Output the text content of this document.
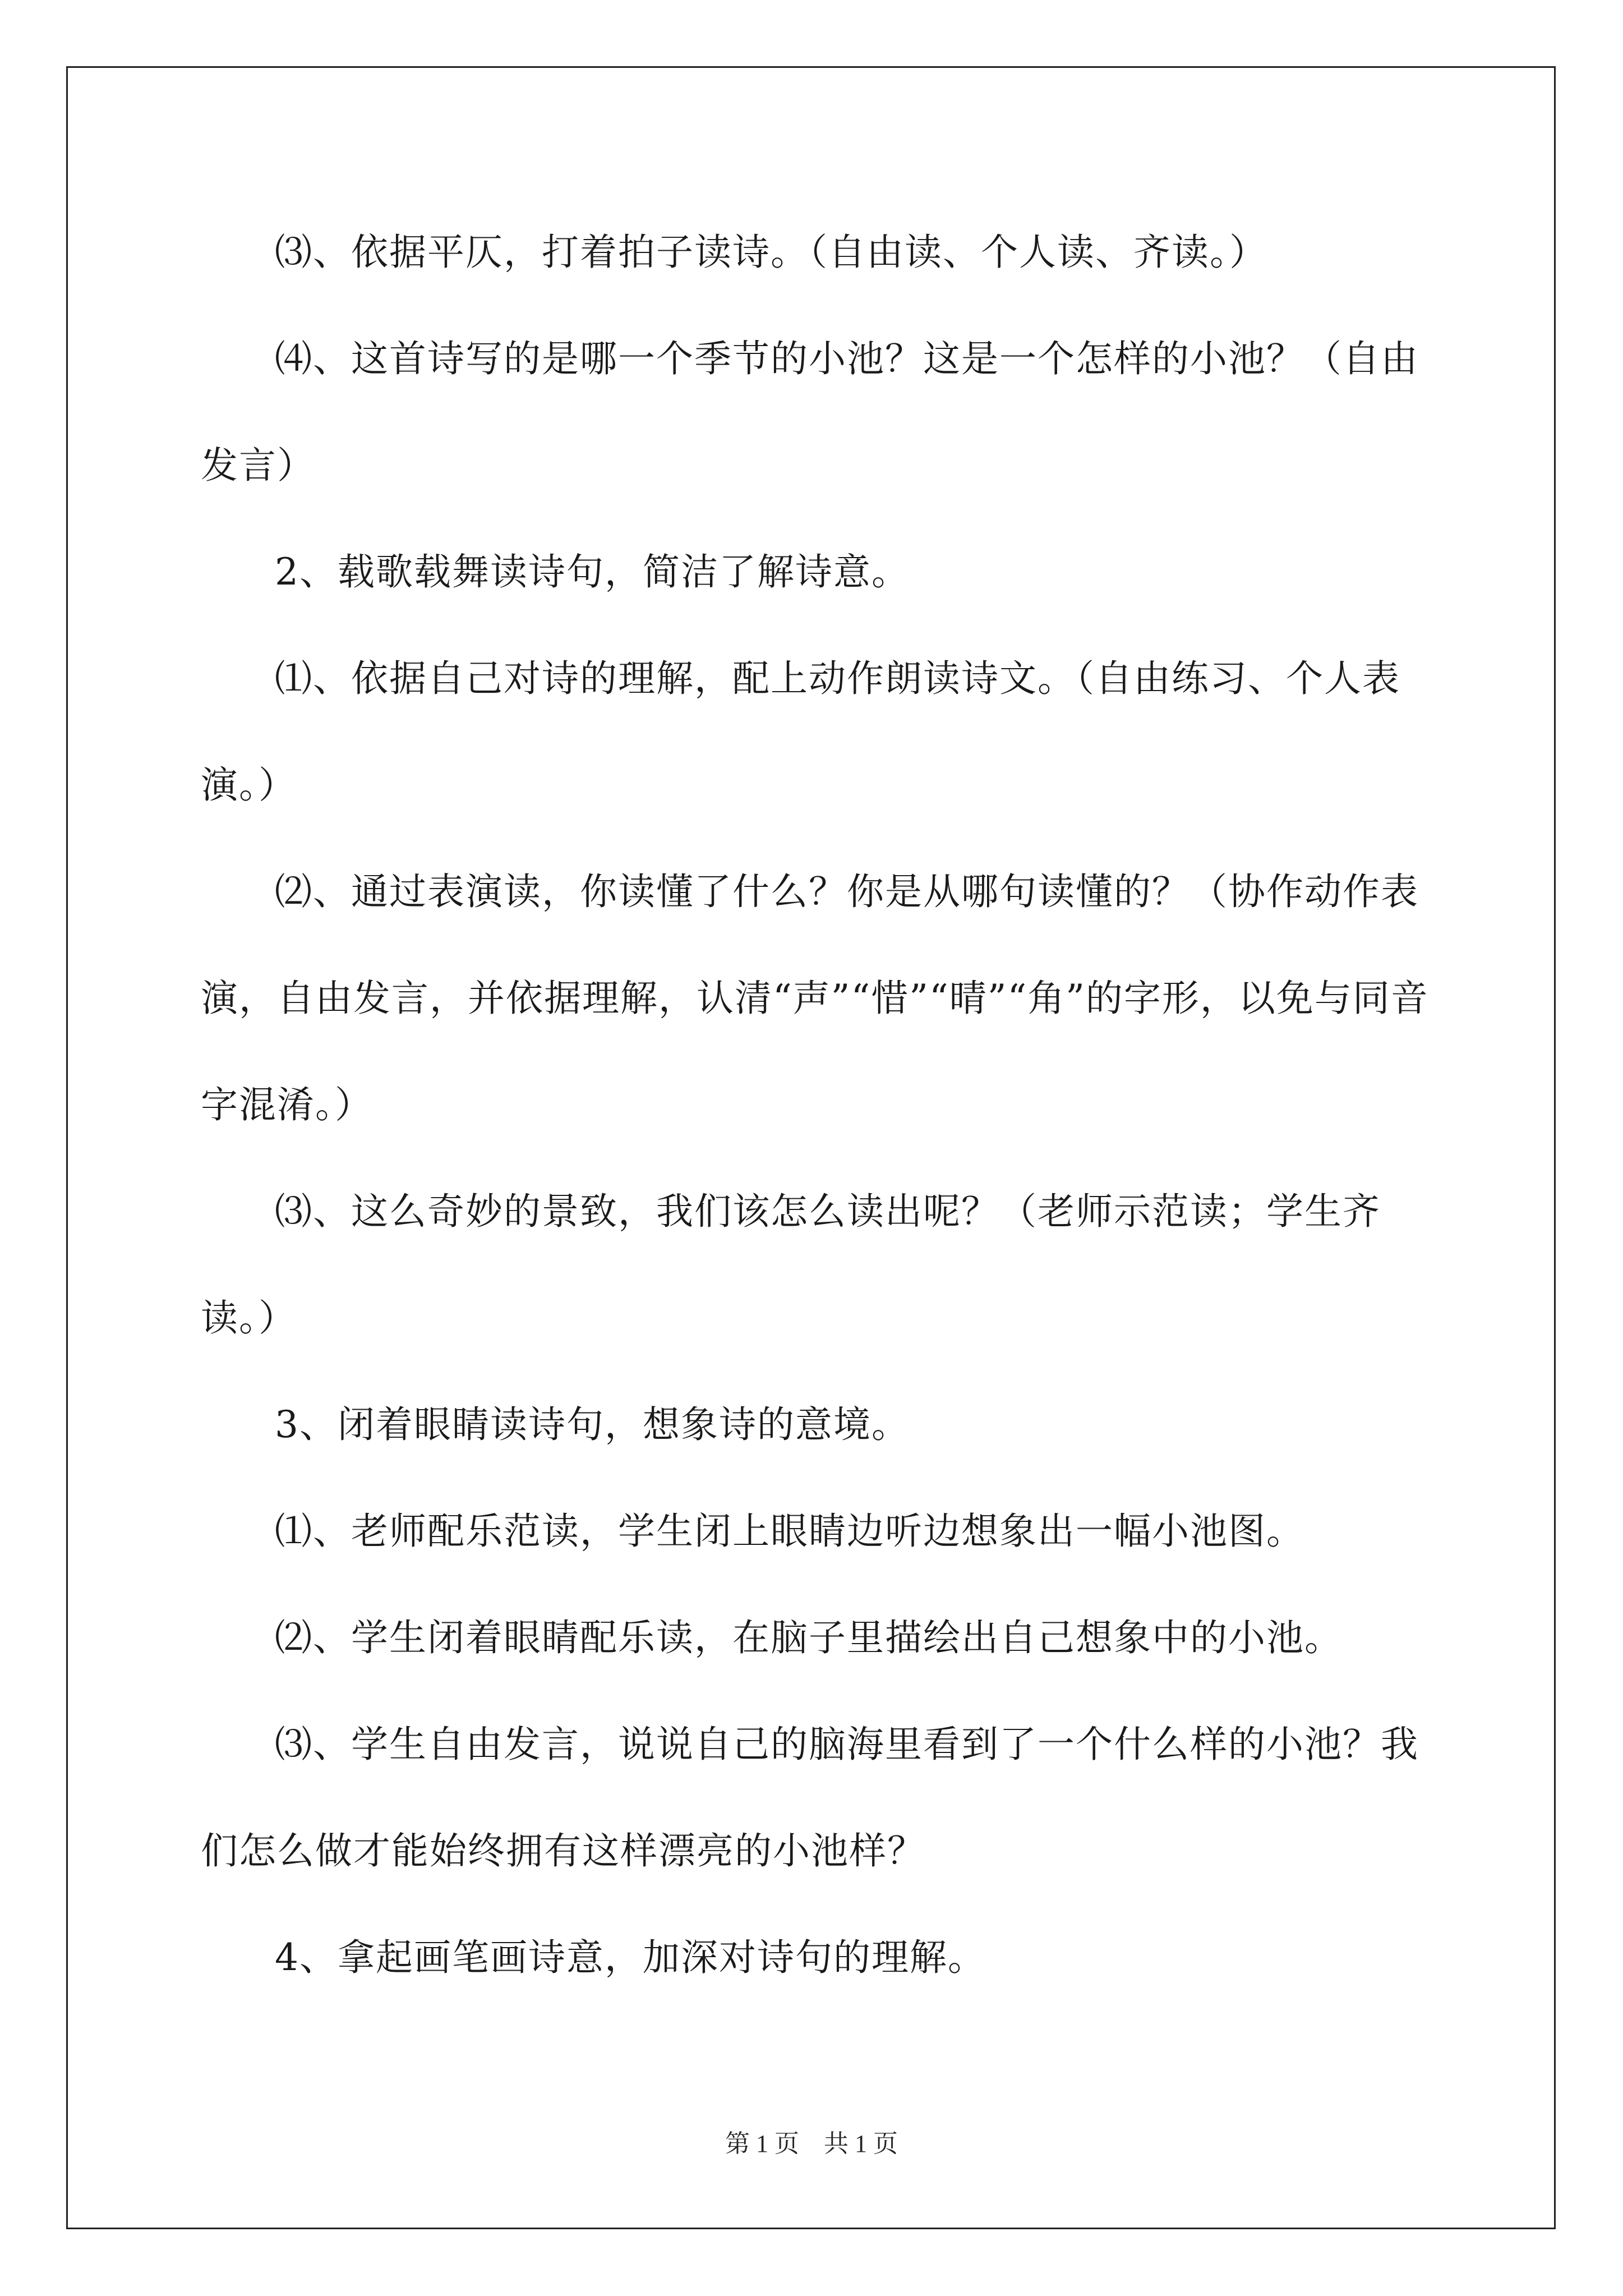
⑶、依据平仄，打着拍子读诗。（自由读、个人读、齐读。）

⑷、这首诗写的是哪一个季节的小池？这是一个怎样的小池？（自由发言）

2、载歌载舞读诗句，简洁了解诗意。

⑴、依据自己对诗的理解，配上动作朗读诗文。（自由练习、个人表演。）

⑵、通过表演读，你读懂了什么？你是从哪句读懂的？（协作动作表演，自由发言，并依据理解，认清“声”“惜”“晴”“角”的字形，以免与同音字混淆。）

⑶、这么奇妙的景致，我们该怎么读出呢？（老师示范读；学生齐读。）

3、闭着眼睛读诗句，想象诗的意境。

⑴、老师配乐范读，学生闭上眼睛边听边想象出一幅小池图。

⑵、学生闭着眼睛配乐读，在脑子里描绘出自己想象中的小池。

⑶、学生自由发言，说说自己的脑海里看到了一个什么样的小池？我们怎么做才能始终拥有这样漂亮的小池样？

4、拿起画笔画诗意，加深对诗句的理解。

第 1 页　共 1 页
